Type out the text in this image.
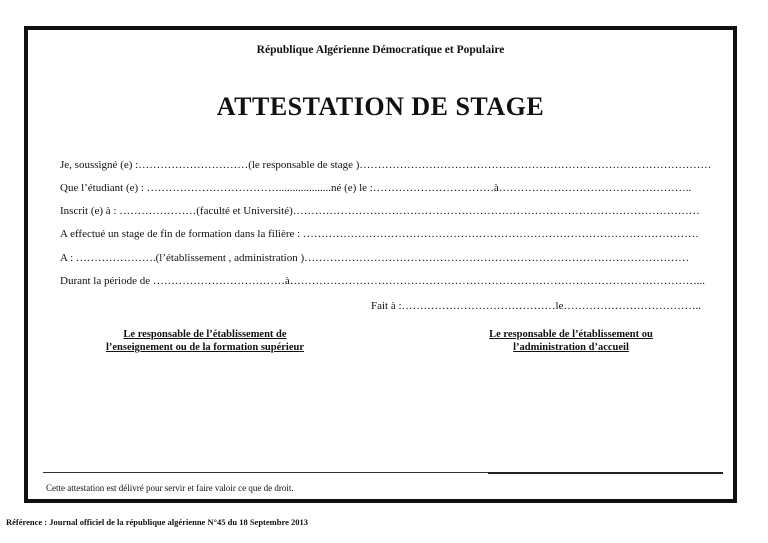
République Algérienne Démocratique et Populaire
ATTESTATION DE STAGE
Je, soussigné (e) :…………………………(le responsable de stage )……………………………………………………………………………………
Que l’étudiant (e) : ………………………………...................né (e) le :……………………………à……………………………………………..
Inscrit (e) à : …………………(faculté et Université)…………………………………………………………………………………………………
A effectué un stage de fin de formation dans la filière : ………………………………………………………………………………………………
A : ………………….(l’établissement , administration )……………………………………………………………………………………………
Durant la période de ………………………………à…………………………………………………………………………………………………...
Fait à :……………………………………le………………………………..
Le responsable de l’établissement de
l’enseignement ou de la formation supérieur
Le responsable de l’établissement ou
l’administration d’accueil
Cette attestation est délivré pour servir et faire valoir ce que de droit.
Référence : Journal officiel de la république algérienne N°45 du 18 Septembre 2013
